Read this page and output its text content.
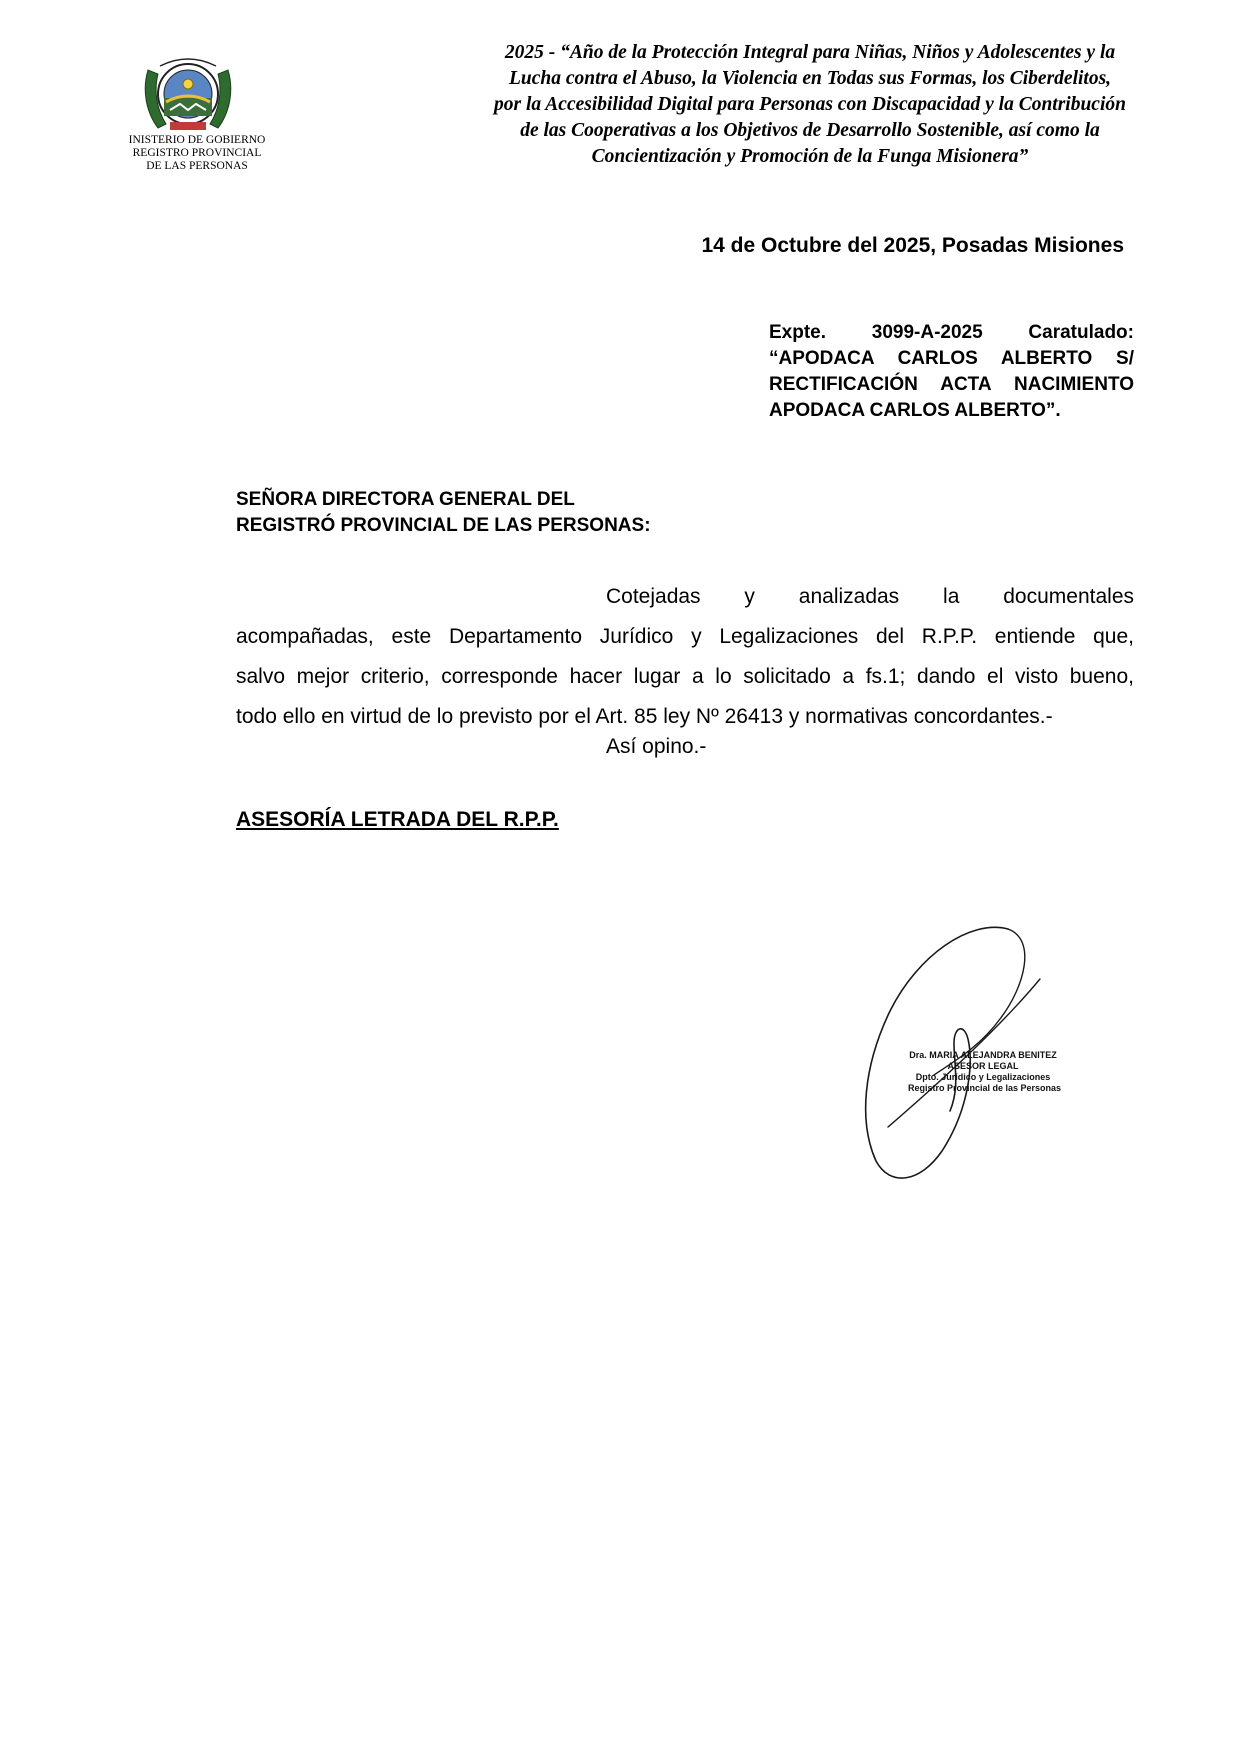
INISTERIO DE GOBIERNO
REGISTRO PROVINCIAL
DE LAS PERSONAS
2025 - “Año de la Protección Integral para Niñas, Niños y Adolescentes y la
Lucha contra el Abuso, la Violencia en Todas sus Formas, los Ciberdelitos,
por la Accesibilidad Digital para Personas con Discapacidad y la Contribución
de las Cooperativas a los Objetivos de Desarrollo Sostenible, así como la
Concientización y Promoción de la Funga Misionera”
14 de Octubre del 2025, Posadas Misiones
Expte. 3099-A-2025 Caratulado:
“APODACA CARLOS ALBERTO S/
RECTIFICACIÓN ACTA NACIMIENTO
APODACA CARLOS ALBERTO”.
SEÑORA DIRECTORA GENERAL DEL
REGISTRÓ PROVINCIAL DE LAS PERSONAS:
Cotejadas y analizadas la documentales
acompañadas, este Departamento Jurídico y Legalizaciones del R.P.P. entiende que,
salvo mejor criterio, corresponde hacer lugar a lo solicitado a fs.1; dando el visto bueno,
todo ello en virtud de lo previsto por el Art. 85 ley Nº 26413 y normativas concordantes.-
Así opino.-
ASESORÍA LETRADA DEL R.P.P.
Dra. MARIA ALEJANDRA BENITEZ
ASESOR LEGAL
Dpto. Jurídico y Legalizaciones
Registro Provincial de las Personas
